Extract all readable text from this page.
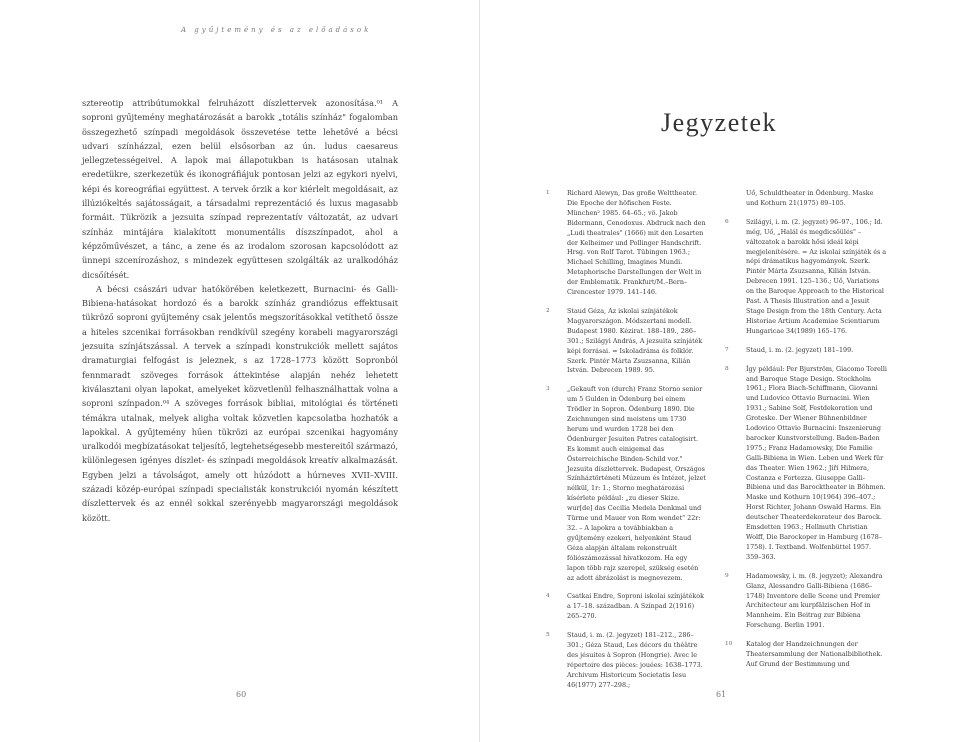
A gyűjtemény és az előadások

sztereotip attribútumokkal felruházott díszlettervek azonosítása.⁰¹ A soproni gyűjtemény meghatározását a barokk „totális színház" fogalomban összegezhető színpadi megoldások összevetése tette lehetővé a bécsi udvari színházzal, ezen belül elsősorban az ún. ludus caesareus jellegzetességeivel. A lapok mai állapotukban is hatásosan utalnak eredetükre, szerkezetük és ikonográfiájuk pontosan jelzi az egykori nyelvi, képi és koreográfiai együttest. A tervek őrzik a kor kiérlelt megoldásait, az illúziókeltés sajátosságait, a társadalmi reprezentáció és luxus magasabb formáit. Tükrözik a jezsuita színpad reprezentatív változatát, az udvari színház mintájára kialakított monumentális díszszínpadot, ahol a képzőművészet, a tánc, a zene és az irodalom szorosan kapcsolódott az ünnepi szcenírozáshoz, s mindezek együttesen szolgálták az uralkodóház dicsőítését.

A bécsi császári udvar hatókörében keletkezett, Burnacini- és Galli-Bibiena-hatásokat hordozó és a barokk színház grandiózus effektusait tükröző soproni gyűjtemény csak jelentős megszorításokkal vetíthető össze a hiteles szcenikai forrásokban rendkívül szegény korabeli magyarországi jezsuita színjátszással. A tervek a színpadi konstrukciók mellett sajátos dramaturgiai felfogást is jeleznek, s az 1728–1773 között Sopronból fennmaradt szöveges források áttekintése alapján nehéz lehetett kiválasztani olyan lapokat, amelyeket közvetlenül felhasználhattak volna a soproni színpadon.⁰⁴ A szöveges források bibliai, mitológiai és történeti témákra utalnak, melyek aligha voltak közvetlen kapcsolatba hozhatók a lapokkal. A gyűjtemény hűen tükrözi az európai szcenikai hagyomány uralkodói megbízatásokat teljesítő, legtehetségesebb mestereitől származó, különlegesen igényes díszlet- és színpadi megoldások kreatív alkalmazását. Egyben jelzi a távolságot, amely ott húzódott a húrneves XVII–XVIII. századi közép-európai színpadi specialisták konstrukciói nyomán készített díszlettervek és az ennél sokkal szerényebb magyarországi megoldások között.

60
Jegyzetek
1	Richard Alewyn, Das große Welttheater. Die Epoche der höfischen Feste. München² 1985. 64–65.; vö. Jakob Bidermann, Cenodoxus. Abdruck nach den „Ludi theatrales" (1666) mit den Lesarten der Kelheimer und Pollinger Handschrift. Hrsg. von Rolf Tarot. Tübingen 1963.; Michael Schilling, Imagines Mundi. Metaphorische Darstellungen der Welt in der Emblematik. Frankfurt/M.–Bern–Cirencester 1979. 141–146.
2	Staud Géza, Az iskolai színjátékok Magyarországon. Módszertani modell. Budapest 1980. Kézirat. 188–189., 286–301.; Szilágyi András, A jezsuita színjáték képi forrásai. = Iskoladráma és folklór. Szerk. Pintér Márta Zsuzsanna, Kilián István. Debrecen 1989. 95.
3	„Gekauft von (durch) Franz Storno senior um 5 Gulden in Ödenburg bei einem Trödler in Sopron. Ödenburg 1890. Die Zeichnungen sind meistens um 1730 herum und wurden 1728 bei den Ödenburger Jesuiten Patres catalogisirt. Es kommt auch einigemal das Österreichische Binden-Schild vor." Jezsuita díszlettervek. Budapest, Országos Színháztörténeti Múzeum és Intézet, jelzet nélkül, 1r: 1.; Storno meghatározási kísérlete például: „zu dieser Skize. wur[de] das Cecilia Medela Denkmal und Türme und Mauer von Rom wendet" 22r: 32. – A lapokra a továbbiakban a gyűjtemény ezekeri, helyenként Staud Géza alapján általam rekonstruált fóliószámozással hivatkozom. Ha egy lapon több rajz szerepel, szükség esetén az adott ábrázolást is megnevezem.
4	Csatkai Endre, Soproni iskolai színjátékok a 17–18. században. A Színpad 2(1916) 265–270.
5	Staud, i. m. (2. jegyzet) 181–212., 286–301.; Géza Staud, Les décors du théâtre des jésuites à Sopron (Hongrie). Avec le répertoire des pièces: jouées: 1638–1773. Archivum Historicum Societatis Iesu 46(1977) 277–298.;
Uő, Schuldtheater in Ödenburg. Maske und Kothurn 21(1975) 89–105.
6	Szilágyi, i. m. (2. jegyzet) 96–97., 106.; Id. még, Uő, „Halál és megdicsőülés" – változatok a barokk hősi ideál képi megjelenítésére. = Az iskolai színjáték és a népi drámatikus hagyományok. Szerk. Pintér Márta Zsuzsanna, Kilián István. Debrecen 1991. 125–136.; Uő, Variations on the Baroque Approach to the Historical Past. A Thesis Illustration and a Jesuit Stage Design from the 18th Century. Acta Historiae Artium Academiae Scientiarum Hungaricae 34(1989) 165–176.
7	Staud, i. m. (2. jegyzet) 181–199.
8	Így például: Per Bjurström, Giacomo Torelli and Baroque Stage Design. Stockholm 1961.; Flora Biach-Schiffmann, Giovanni und Ludovico Ottavio Burnacini. Wien 1931.; Sabine Solf, Festdekoration und Groteske. Der Wiener Bühnenbildner Lodovico Ottavio Burnacini: Inszenierung barocker Kunstvorstellung. Baden-Baden 1975.; Franz Hadamowsky, Die Familie Galli-Bibiena in Wien. Leben und Werk für das Theater. Wien 1962.; Jiří Hilmera, Costanza e Fortezza. Giuseppe Galli-Bibiena und das Barocktheater in Böhmen. Maske und Kothurn 10(1964) 396–407.; Horst Richter, Johann Oswald Harms. Ein deutscher Theaterdekorateur des Barock. Emsdetten 1963.; Hellmuth Christian Wolff, Die Barockoper in Hamburg (1678–1758). I. Textband. Wolfenbüttel 1957. 359–363.
9	Hadamowsky, i. m. (8. jegyzet); Alexandra Glanz, Alessandro Galli-Bibiena (1686–1748) Inventore delle Scene und Premier Architecteur am kurpfälzischen Hof in Mannheim. Ein Beitrag zur Bibiena Forschung. Berlin 1991.
10 Katalog der Handzeichnungen der Theatersammlung der Nationalbibliothek. Auf Grund der Bestimmung und
61
